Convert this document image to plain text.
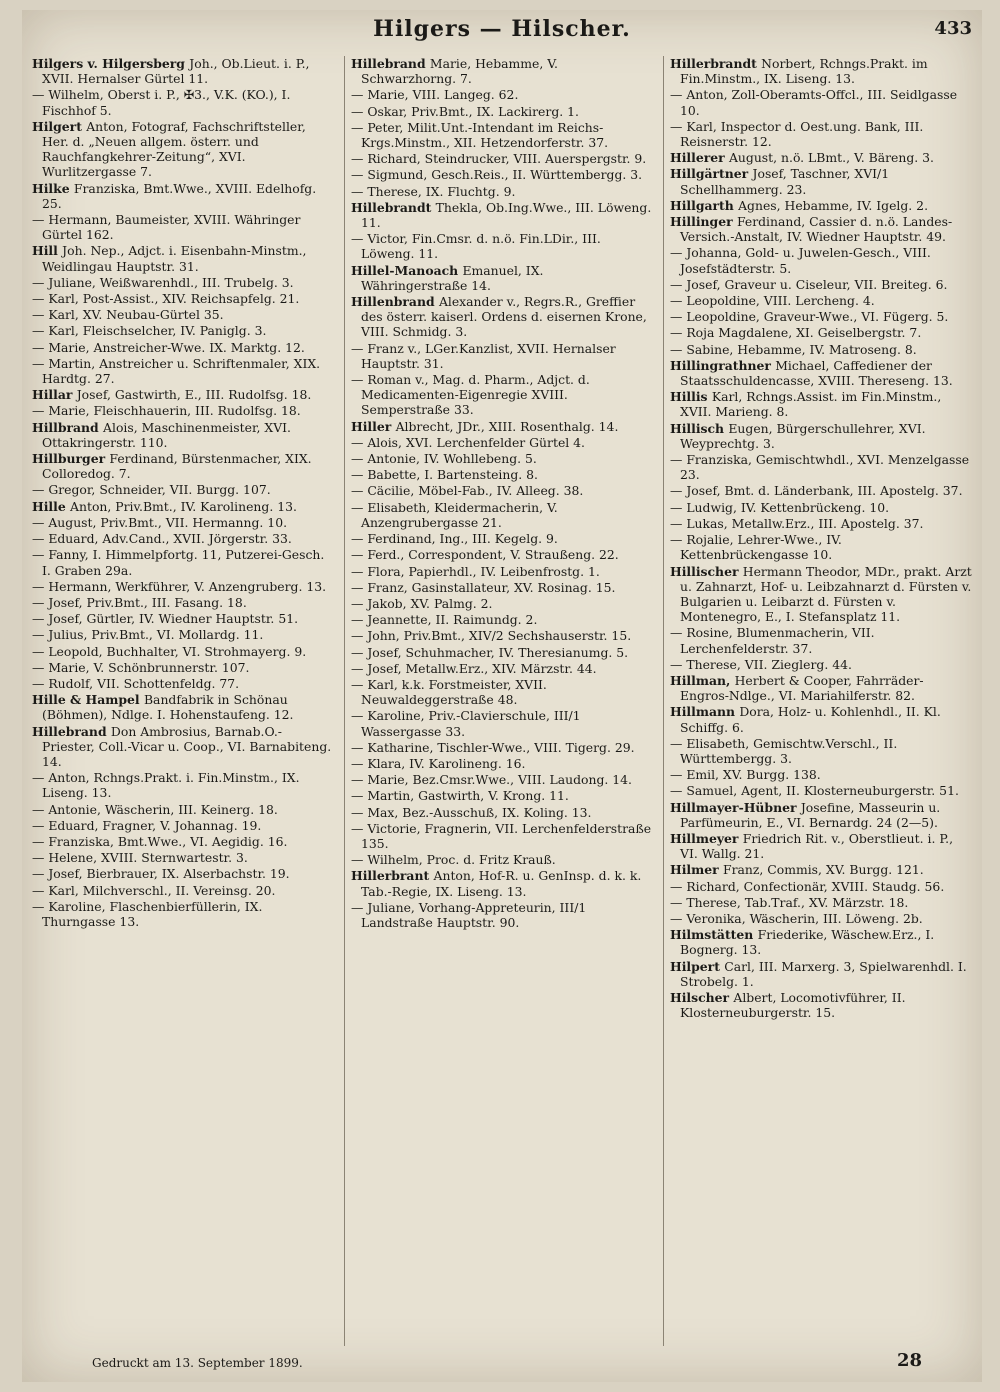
Hilgers — Hilscher.	433

Hilgers v. Hilgersberg Joh., Ob.Lieut. i. P., XVII. Hernalser Gürtel 11.

— Wilhelm, Oberst i. P., ✠3., V.K. (KO.), I. Fischhof 5.

Hilgert Anton, Fotograf, Fachschriftsteller, Her. d. „Neuen allgem. österr. und Rauchfangkehrer-Zeitung“, XVI. Wurlitzergasse 7.

Hilke Franziska, Bmt.Wwe., XVIII. Edelhofg. 25.

— Hermann, Baumeister, XVIII. Währinger Gürtel 162.

Hill Joh. Nep., Adjct. i. Eisenbahn-Minstm., Weidlingau Hauptstr. 31.

— Juliane, Weißwarenhdl., III. Trubelg. 3.

— Karl, Post-Assist., XIV. Reichsapfelg. 21.

— Karl, XV. Neubau-Gürtel 35.

— Karl, Fleischselcher, IV. Paniglg. 3.

— Marie, Anstreicher-Wwe. IX. Marktg. 12.

— Martin, Anstreicher u. Schriftenmaler, XIX. Hardtg. 27.

Hillar Josef, Gastwirth, E., III. Rudolfsg. 18.

— Marie, Fleischhauerin, III. Rudolfsg. 18.

Hillbrand Alois, Maschinenmeister, XVI. Ottakringerstr. 110.

Hillburger Ferdinand, Bürstenmacher, XIX. Colloredog. 7.

— Gregor, Schneider, VII. Burgg. 107.

Hille Anton, Priv.Bmt., IV. Karolineng. 13.

— August, Priv.Bmt., VII. Hermanng. 10.

— Eduard, Adv.Cand., XVII. Jörgerstr. 33.

— Fanny, I. Himmelpfortg. 11, Putzerei-Gesch. I. Graben 29a.

— Hermann, Werkführer, V. Anzengruberg. 13.

— Josef, Priv.Bmt., III. Fasang. 18.

— Josef, Gürtler, IV. Wiedner Hauptstr. 51.

— Julius, Priv.Bmt., VI. Mollardg. 11.

— Leopold, Buchhalter, VI. Strohmayerg. 9.

— Marie, V. Schönbrunnerstr. 107.

— Rudolf, VII. Schottenfeldg. 77.

Hille & Hampel Bandfabrik in Schönau (Böhmen), Ndlge. I. Hohenstaufeng. 12.

Hillebrand Don Ambrosius, Barnab.O.-Priester, Coll.-Vicar u. Coop., VI. Barnabiteng. 14.

— Anton, Rchngs.Prakt. i. Fin.Minstm., IX. Liseng. 13.

— Antonie, Wäscherin, III. Keinerg. 18.

— Eduard, Fragner, V. Johannag. 19.

— Franziska, Bmt.Wwe., VI. Aegidig. 16.

— Helene, XVIII. Sternwartestr. 3.

— Josef, Bierbrauer, IX. Alserbachstr. 19.

— Karl, Milchverschl., II. Vereinsg. 20.

— Karoline, Flaschenbierfüllerin, IX. Thurngasse 13.

Hillebrand Marie, Hebamme, V. Schwarzhorng. 7.

— Marie, VIII. Langeg. 62.

— Oskar, Priv.Bmt., IX. Lackirerg. 1.

— Peter, Milit.Unt.-Intendant im Reichs-Krgs.Minstm., XII. Hetzendorferstr. 37.

— Richard, Steindrucker, VIII. Auerspergstr. 9.

— Sigmund, Gesch.Reis., II. Württembergg. 3.

— Therese, IX. Fluchtg. 9.

Hillebrandt Thekla, Ob.Ing.Wwe., III. Löweng. 11.

— Victor, Fin.Cmsr. d. n.ö. Fin.LDir., III. Löweng. 11.

Hillel-Manoach Emanuel, IX. Währingerstraße 14.

Hillenbrand Alexander v., Regrs.R., Greffier des österr. kaiserl. Ordens d. eisernen Krone, VIII. Schmidg. 3.

— Franz v., LGer.Kanzlist, XVII. Hernalser Hauptstr. 31.

— Roman v., Mag. d. Pharm., Adjct. d. Medicamenten-Eigenregie XVIII. Semperstraße 33.

Hiller Albrecht, JDr., XIII. Rosenthalg. 14.

— Alois, XVI. Lerchenfelder Gürtel 4.

— Antonie, IV. Wohllebeng. 5.

— Babette, I. Bartensteing. 8.

— Cäcilie, Möbel-Fab., IV. Alleeg. 38.

— Elisabeth, Kleidermacherin, V. Anzengrubergasse 21.

— Ferdinand, Ing., III. Kegelg. 9.

— Ferd., Correspondent, V. Straußeng. 22.

— Flora, Papierhdl., IV. Leibenfrostg. 1.

— Franz, Gasinstallateur, XV. Rosinag. 15.

— Jakob, XV. Palmg. 2.

— Jeannette, II. Raimundg. 2.

— John, Priv.Bmt., XIV/2 Sechshauserstr. 15.

— Josef, Schuhmacher, IV. Theresianumg. 5.

— Josef, Metallw.Erz., XIV. Märzstr. 44.

— Karl, k.k. Forstmeister, XVII. Neuwaldeggerstraße 48.

— Karoline, Priv.-Clavierschule, III/1 Wassergasse 33.

— Katharine, Tischler-Wwe., VIII. Tigerg. 29.

— Klara, IV. Karolineng. 16.

— Marie, Bez.Cmsr.Wwe., VIII. Laudong. 14.

— Martin, Gastwirth, V. Krong. 11.

— Max, Bez.-Ausschuß, IX. Koling. 13.

— Victorie, Fragnerin, VII. Lerchenfelderstraße 135.

— Wilhelm, Proc. d. Fritz Krauß.

Hillerbrant Anton, Hof-R. u. GenInsp. d. k. k. Tab.-Regie, IX. Liseng. 13.

— Juliane, Vorhang-Appreteurin, III/1 Landstraße Hauptstr. 90.

Hillerbrandt Norbert, Rchngs.Prakt. im Fin.Minstm., IX. Liseng. 13.

— Anton, Zoll-Oberamts-Offcl., III. Seidlgasse 10.

— Karl, Inspector d. Oest.ung. Bank, III. Reisnerstr. 12.

Hillerer August, n.ö. LBmt., V. Bäreng. 3.

Hillgärtner Josef, Taschner, XVI/1 Schellhammerg. 23.

Hillgarth Agnes, Hebamme, IV. Igelg. 2.

Hillinger Ferdinand, Cassier d. n.ö. Landes-Versich.-Anstalt, IV. Wiedner Hauptstr. 49.

— Johanna, Gold- u. Juwelen-Gesch., VIII. Josefstädterstr. 5.

— Josef, Graveur u. Ciseleur, VII. Breiteg. 6.

— Leopoldine, VIII. Lercheng. 4.

— Leopoldine, Graveur-Wwe., VI. Fügerg. 5.

— Roja Magdalene, XI. Geiselbergstr. 7.

— Sabine, Hebamme, IV. Matroseng. 8.

Hillingrathner Michael, Caffediener der Staatsschuldencasse, XVIII. Thereseng. 13.

Hillis Karl, Rchngs.Assist. im Fin.Minstm., XVII. Marieng. 8.

Hillisch Eugen, Bürgerschullehrer, XVI. Weyprechtg. 3.

— Franziska, Gemischtwhdl., XVI. Menzelgasse 23.

— Josef, Bmt. d. Länderbank, III. Apostelg. 37.

— Ludwig, IV. Kettenbrückeng. 10.

— Lukas, Metallw.Erz., III. Apostelg. 37.

— Rojalie, Lehrer-Wwe., IV. Kettenbrückengasse 10.

Hillischer Hermann Theodor, MDr., prakt. Arzt u. Zahnarzt, Hof- u. Leibzahnarzt d. Fürsten v. Bulgarien u. Leibarzt d. Fürsten v. Montenegro, E., I. Stefansplatz 11.

— Rosine, Blumenmacherin, VII. Lerchenfelderstr. 37.

— Therese, VII. Zieglerg. 44.

Hillman, Herbert & Cooper, Fahrräder-Engros-Ndlge., VI. Mariahilferstr. 82.

Hillmann Dora, Holz- u. Kohlenhdl., II. Kl. Schiffg. 6.

— Elisabeth, Gemischtw.Verschl., II. Württembergg. 3.

— Emil, XV. Burgg. 138.

— Samuel, Agent, II. Klosterneuburgerstr. 51.

Hillmayer-Hübner Josefine, Masseurin u. Parfümeurin, E., VI. Bernardg. 24 (2—5).

Hillmeyer Friedrich Rit. v., Oberstlieut. i. P., VI. Wallg. 21.

Hilmer Franz, Commis, XV. Burgg. 121.

— Richard, Confectionär, XVIII. Staudg. 56.

— Therese, Tab.Traf., XV. Märzstr. 18.

— Veronika, Wäscherin, III. Löweng. 2b.

Hilmstätten Friederike, Wäschew.Erz., I. Bognerg. 13.

Hilpert Carl, III. Marxerg. 3, Spielwarenhdl. I. Strobelg. 1.

Hilscher Albert, Locomotivführer, II. Klosterneuburgerstr. 15.

Gedruckt am 13. September 1899.	28
